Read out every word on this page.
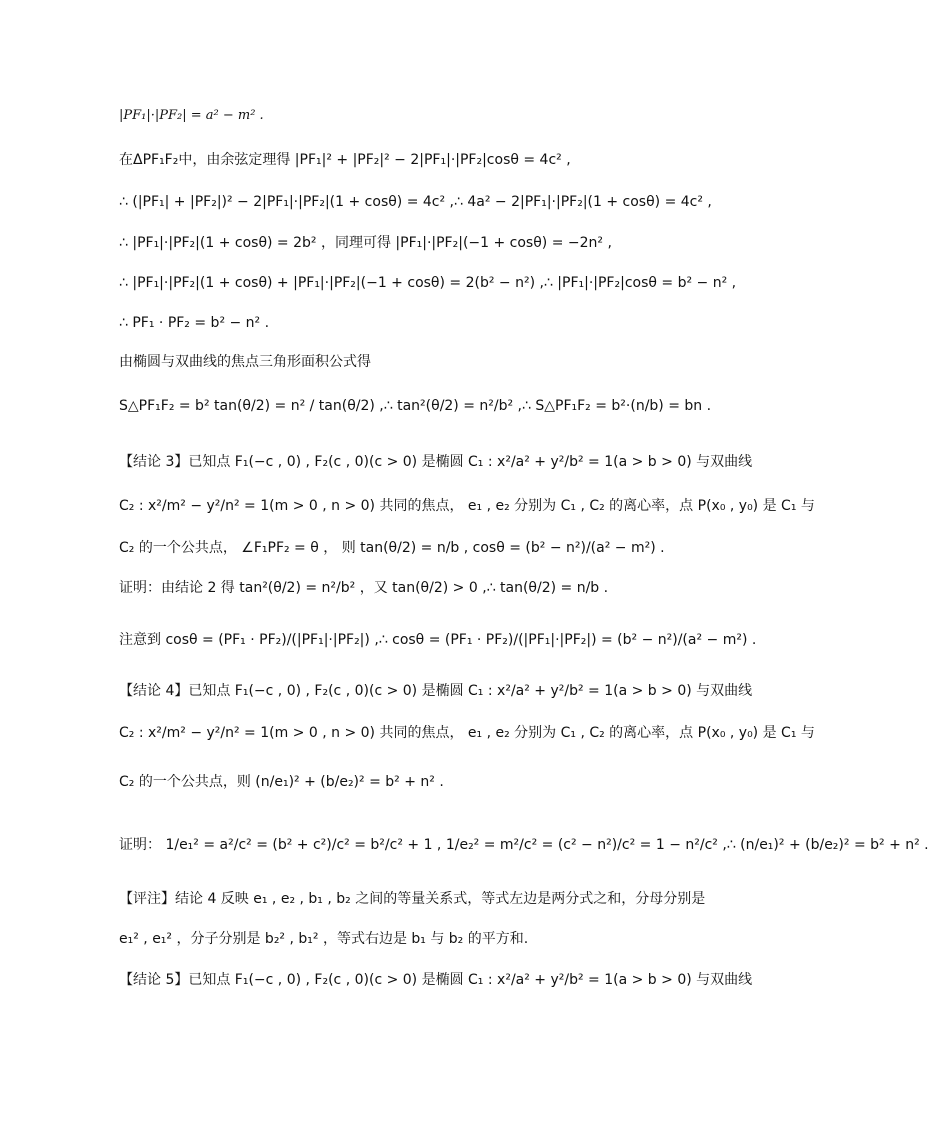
|PF₁|·|PF₂| = a² − m² .
在ΔPF₁F₂中，由余弦定理得 |PF₁|² + |PF₂|² − 2|PF₁|·|PF₂|cosθ = 4c² ,
∴ (|PF₁| + |PF₂|)² − 2|PF₁|·|PF₂|(1 + cosθ) = 4c² ,∴ 4a² − 2|PF₁|·|PF₂|(1 + cosθ) = 4c² ,
∴ |PF₁|·|PF₂|(1 + cosθ) = 2b² ，同理可得 |PF₁|·|PF₂|(−1 + cosθ) = −2n² ,
∴ |PF₁|·|PF₂|(1 + cosθ) + |PF₁|·|PF₂|(−1 + cosθ) = 2(b² − n²) ,∴ |PF₁|·|PF₂|cosθ = b² − n² ,
∴ PF₁ · PF₂ = b² − n² .
由椭圆与双曲线的焦点三角形面积公式得
S△PF₁F₂ = b² tan(θ/2) = n² / tan(θ/2) ,∴ tan²(θ/2) = n²/b² ,∴ S△PF₁F₂ = b²·(n/b) = bn .
【结论 3】已知点 F₁(−c , 0) , F₂(c , 0)(c > 0) 是椭圆 C₁ : x²/a² + y²/b² = 1(a > b > 0) 与双曲线
C₂ : x²/m² − y²/n² = 1(m > 0 , n > 0) 共同的焦点， e₁ , e₂ 分别为 C₁ , C₂ 的离心率，点 P(x₀ , y₀) 是 C₁ 与
C₂ 的一个公共点， ∠F₁PF₂ = θ ， 则 tan(θ/2) = n/b , cosθ = (b² − n²)/(a² − m²) .
证明：由结论 2 得 tan²(θ/2) = n²/b² ，又 tan(θ/2) > 0 ,∴ tan(θ/2) = n/b .
注意到 cosθ = (PF₁ · PF₂)/(|PF₁|·|PF₂|) ,∴ cosθ = (PF₁ · PF₂)/(|PF₁|·|PF₂|) = (b² − n²)/(a² − m²) .
【结论 4】已知点 F₁(−c , 0) , F₂(c , 0)(c > 0) 是椭圆 C₁ : x²/a² + y²/b² = 1(a > b > 0) 与双曲线
C₂ : x²/m² − y²/n² = 1(m > 0 , n > 0) 共同的焦点， e₁ , e₂ 分别为 C₁ , C₂ 的离心率，点 P(x₀ , y₀) 是 C₁ 与
C₂ 的一个公共点，则 (n/e₁)² + (b/e₂)² = b² + n² .
证明： 1/e₁² = a²/c² = (b² + c²)/c² = b²/c² + 1 , 1/e₂² = m²/c² = (c² − n²)/c² = 1 − n²/c² ,∴ (n/e₁)² + (b/e₂)² = b² + n² .
【评注】结论 4 反映 e₁ , e₂ , b₁ , b₂ 之间的等量关系式，等式左边是两分式之和，分母分别是
e₁² , e₁² ，分子分别是 b₂² , b₁² ，等式右边是 b₁ 与 b₂ 的平方和.
【结论 5】已知点 F₁(−c , 0) , F₂(c , 0)(c > 0) 是椭圆 C₁ : x²/a² + y²/b² = 1(a > b > 0) 与双曲线
